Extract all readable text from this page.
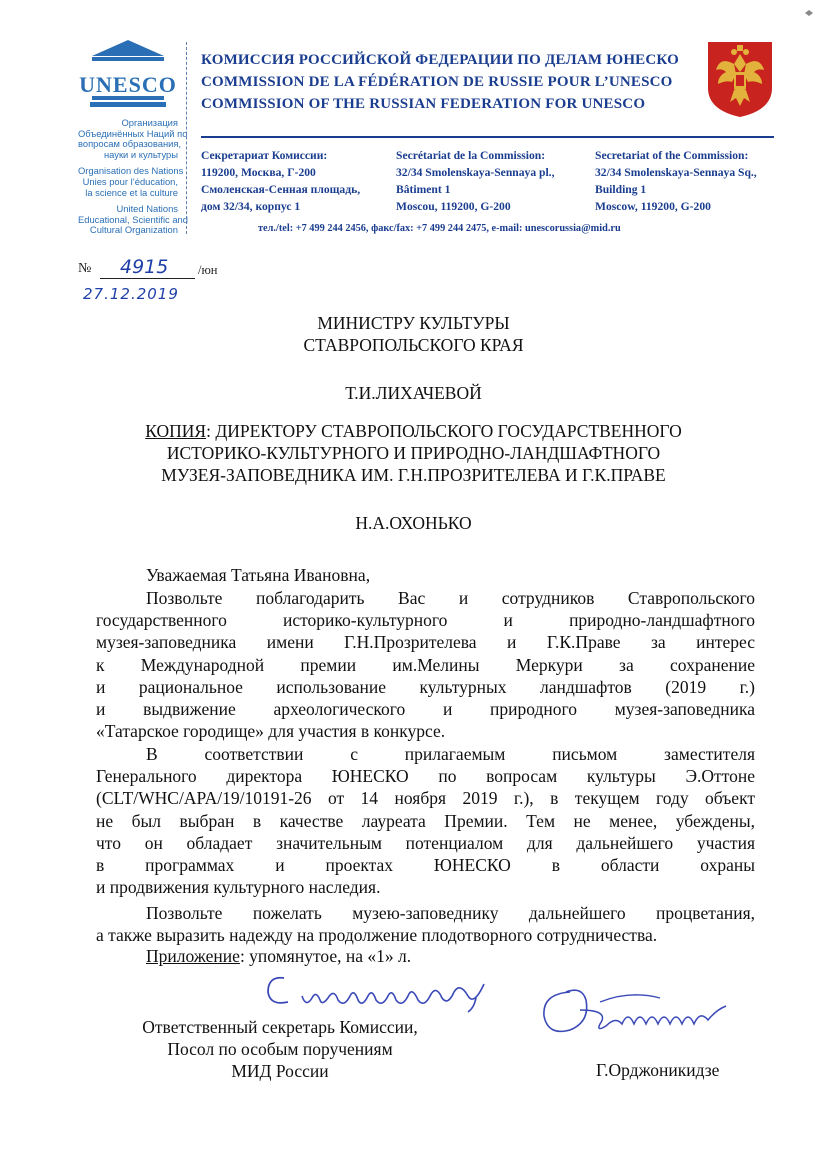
UNESCO
Организация
Объединённых Наций по
вопросам образования,
науки и культуры
Organisation des Nations
Unies pour l’éducation,
la science et la culture
United Nations
Educational, Scientific and
Cultural Organization
КОМИССИЯ РОССИЙСКОЙ ФЕДЕРАЦИИ ПО ДЕЛАМ ЮНЕСКО
COMMISSION DE LA FÉDÉRATION DE RUSSIE POUR L’UNESCO
COMMISSION OF THE RUSSIAN FEDERATION FOR UNESCO
Секретариат Комиссии:
119200, Москва, Г-200
Смоленская-Сенная площадь,
дом 32/34, корпус 1
Secrétariat de la Commission:
32/34 Smolenskaya-Sennaya pl.,
Bâtiment 1
Moscou, 119200, G-200
Secretariat of the Commission:
32/34 Smolenskaya-Sennaya Sq.,
Building 1
Moscow, 119200, G-200
тел./tel: +7 499 244 2456, факс/fax: +7 499 244 2475, e-mail: unescorussia@mid.ru
№ 4915 /юн
27.12.2019
МИНИСТРУ КУЛЬТУРЫ
СТАВРОПОЛЬСКОГО КРАЯ
Т.И.ЛИХАЧЕВОЙ
КОПИЯ: ДИРЕКТОРУ СТАВРОПОЛЬСКОГО ГОСУДАРСТВЕННОГО
ИСТОРИКО-КУЛЬТУРНОГО И ПРИРОДНО-ЛАНДШАФТНОГО
МУЗЕЯ-ЗАПОВЕДНИКА ИМ. Г.Н.ПРОЗРИТЕЛЕВА И Г.К.ПРАВЕ
Н.А.ОХОНЬКО
Уважаемая Татьяна Ивановна,
Позвольте поблагодарить Вас и сотрудников Ставропольского
государственного историко-культурного и природно-ландшафтного
музея-заповедника имени Г.Н.Прозрителева и Г.К.Праве за интерес
к Международной премии им.Мелины Меркури за сохранение
и рациональное использование культурных ландшафтов (2019 г.)
и выдвижение археологического и природного музея-заповедника
«Татарское городище» для участия в конкурсе.
В соответствии с прилагаемым письмом заместителя
Генерального директора ЮНЕСКО по вопросам культуры Э.Оттоне
(CLT/WHC/APA/19/10191-26 от 14 ноября 2019 г.), в текущем году объект
не был выбран в качестве лауреата Премии. Тем не менее, убеждены,
что он обладает значительным потенциалом для дальнейшего участия
в программах и проектах ЮНЕСКО в области охраны
и продвижения культурного наследия.
Позвольте пожелать музею-заповеднику дальнейшего процветания,
а также выразить надежду на продолжение плодотворного сотрудничества.
Приложение: упомянутое, на «1» л.
Ответственный секретарь Комиссии,
Посол по особым поручениям
МИД России	Г.Орджоникидзе
